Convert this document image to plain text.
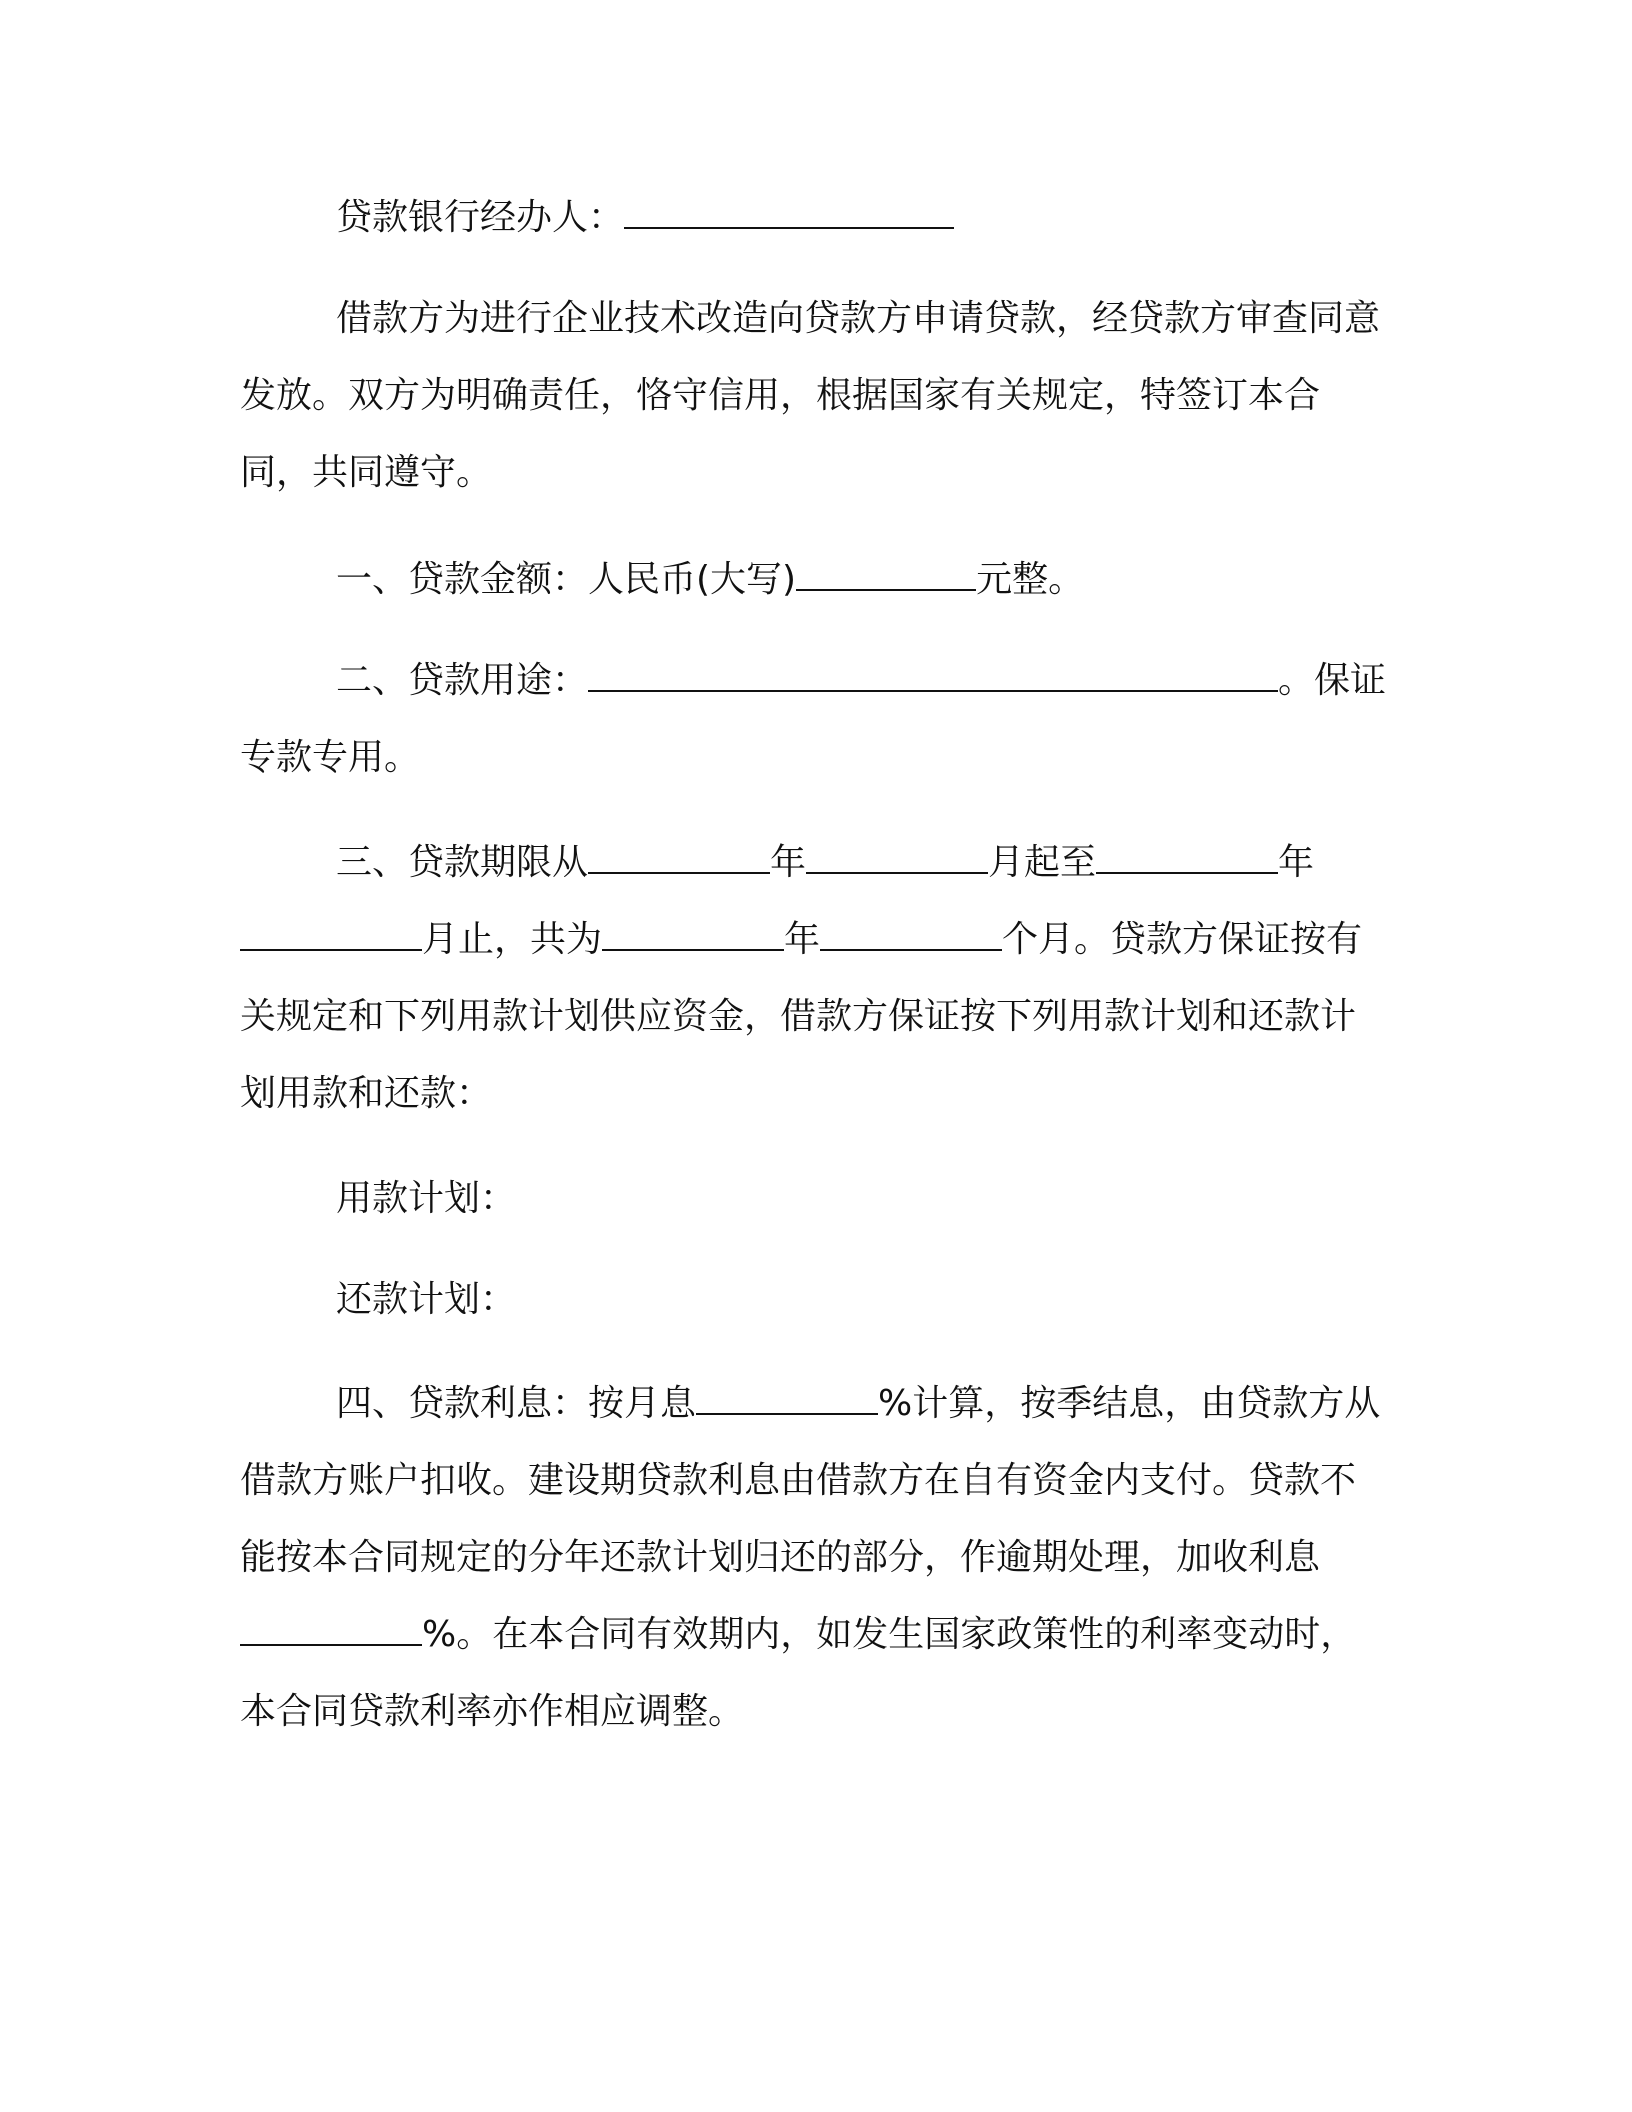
贷款银行经办人：

借款方为进行企业技术改造向贷款方申请贷款，经贷款方审查同意发放。双方为明确责任，恪守信用，根据国家有关规定，特签订本合同，共同遵守。

一、贷款金额：人民币(大写)	元整。

二、贷款用途：	。保证专款专用。

三、贷款期限从	年	月起至	年月止，共为	年	个月。贷款方保证按有关规定和下列用款计划供应资金，借款方保证按下列用款计划和还款计划用款和还款：

用款计划：

还款计划：

四、贷款利息：按月息	%计算，按季结息，由贷款方从借款方账户扣收。建设期贷款利息由借款方在自有资金内支付。贷款不能按本合同规定的分年还款计划归还的部分，作逾期处理，加收利息%。在本合同有效期内，如发生国家政策性的利率变动时，本合同贷款利率亦作相应调整。
